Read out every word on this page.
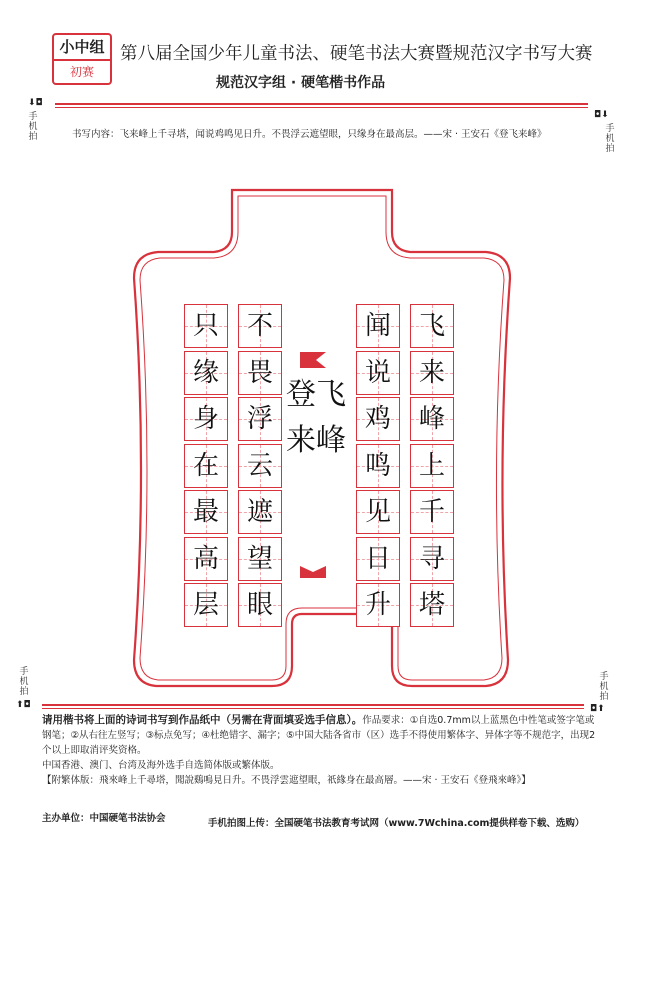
小中组
初赛
第八届全国少年儿童书法、硬笔书法大赛暨规范汉字书写大赛
规范汉字组 · 硬笔楷书作品
⬇◘
手机拍
◘⬇
手机拍
书写内容：飞来峰上千寻塔，闻说鸡鸣见日升。不畏浮云遮望眼，只缘身在最高层。——宋 · 王安石《登飞来峰》
登飞来峰
飞
来
峰
上
千
寻
塔
闻
说
鸡
鸣
见
日
升
不
畏
浮
云
遮
望
眼
只
缘
身
在
最
高
层
手机拍
⬆◘
手机拍
◘⬆
请用楷书将上面的诗词书写到作品纸中（另需在背面填妥选手信息）。作品要求：①自选0.7mm以上蓝黑色中性笔或签字笔或钢笔；②从右往左竖写；③标点免写；④杜绝错字、漏字；⑤中国大陆各省市（区）选手不得使用繁体字、异体字等不规范字，出现2个以上即取消评奖资格。
中国香港、澳门、台湾及海外选手自选简体版或繁体版。
【附繁体版：飛來峰上千尋塔，聞說鷄鳴見日升。不畏浮雲遮望眼，祇緣身在最高層。——宋 · 王安石《登飛來峰》】
主办单位：中国硬笔书法协会	手机拍图上传：全国硬笔书法教育考试网（www.7Wchina.com提供样卷下载、选购）
